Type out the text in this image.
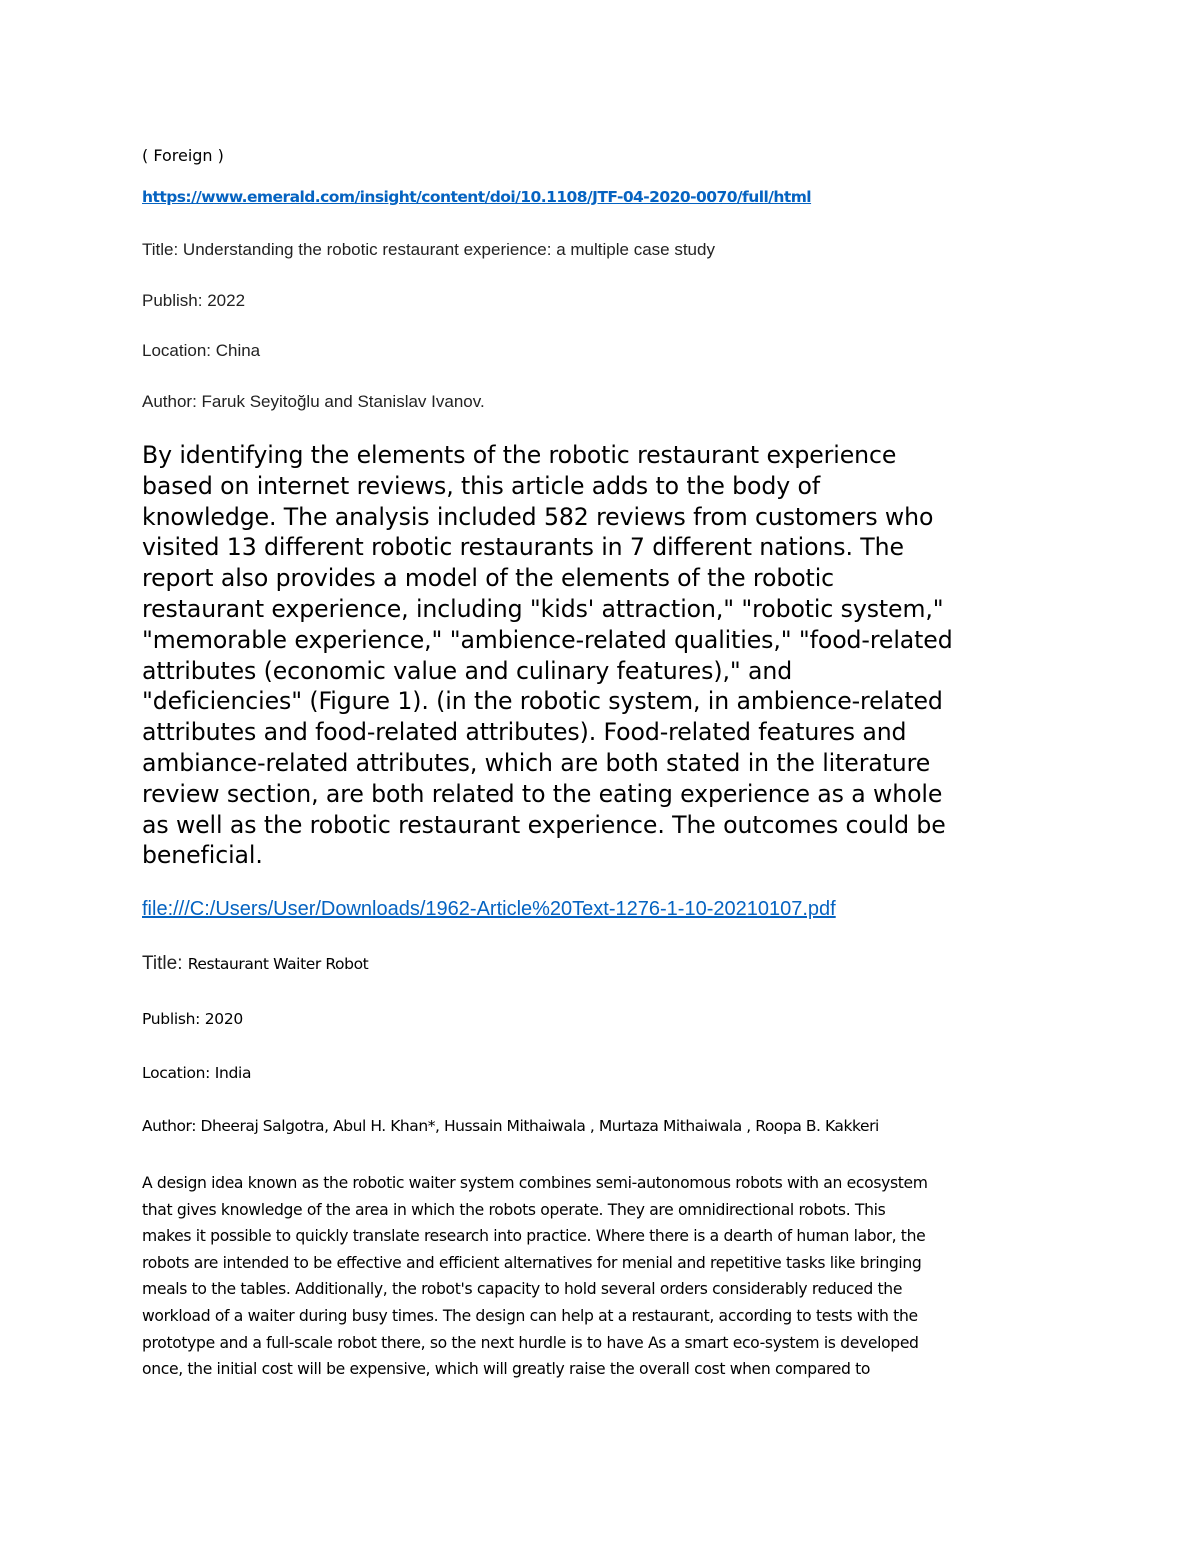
( Foreign )

https://www.emerald.com/insight/content/doi/10.1108/JTF-04-2020-0070/full/html

Title: Understanding the robotic restaurant experience: a multiple case study

Publish: 2022

Location: China

Author: Faruk Seyitoğlu and Stanislav Ivanov.

By identifying the elements of the robotic restaurant experience
based on internet reviews, this article adds to the body of
knowledge. The analysis included 582 reviews from customers who
visited 13 different robotic restaurants in 7 different nations. The
report also provides a model of the elements of the robotic
restaurant experience, including "kids' attraction," "robotic system,"
"memorable experience," "ambience-related qualities," "food-related
attributes (economic value and culinary features)," and
"deficiencies" (Figure 1). (in the robotic system, in ambience-related
attributes and food-related attributes). Food-related features and
ambiance-related attributes, which are both stated in the literature
review section, are both related to the eating experience as a whole
as well as the robotic restaurant experience. The outcomes could be
beneficial.
file:///C:/Users/User/Downloads/1962-Article%20Text-1276-1-10-20210107.pdf

Title: Restaurant Waiter Robot

Publish: 2020

Location: India

Author: Dheeraj Salgotra, Abul H. Khan*, Hussain Mithaiwala , Murtaza Mithaiwala , Roopa B. Kakkeri

A design idea known as the robotic waiter system combines semi-autonomous robots with an ecosystem
that gives knowledge of the area in which the robots operate. They are omnidirectional robots. This
makes it possible to quickly translate research into practice. Where there is a dearth of human labor, the
robots are intended to be effective and efficient alternatives for menial and repetitive tasks like bringing
meals to the tables. Additionally, the robot's capacity to hold several orders considerably reduced the
workload of a waiter during busy times. The design can help at a restaurant, according to tests with the
prototype and a full-scale robot there, so the next hurdle is to have As a smart eco-system is developed
once, the initial cost will be expensive, which will greatly raise the overall cost when compared to
